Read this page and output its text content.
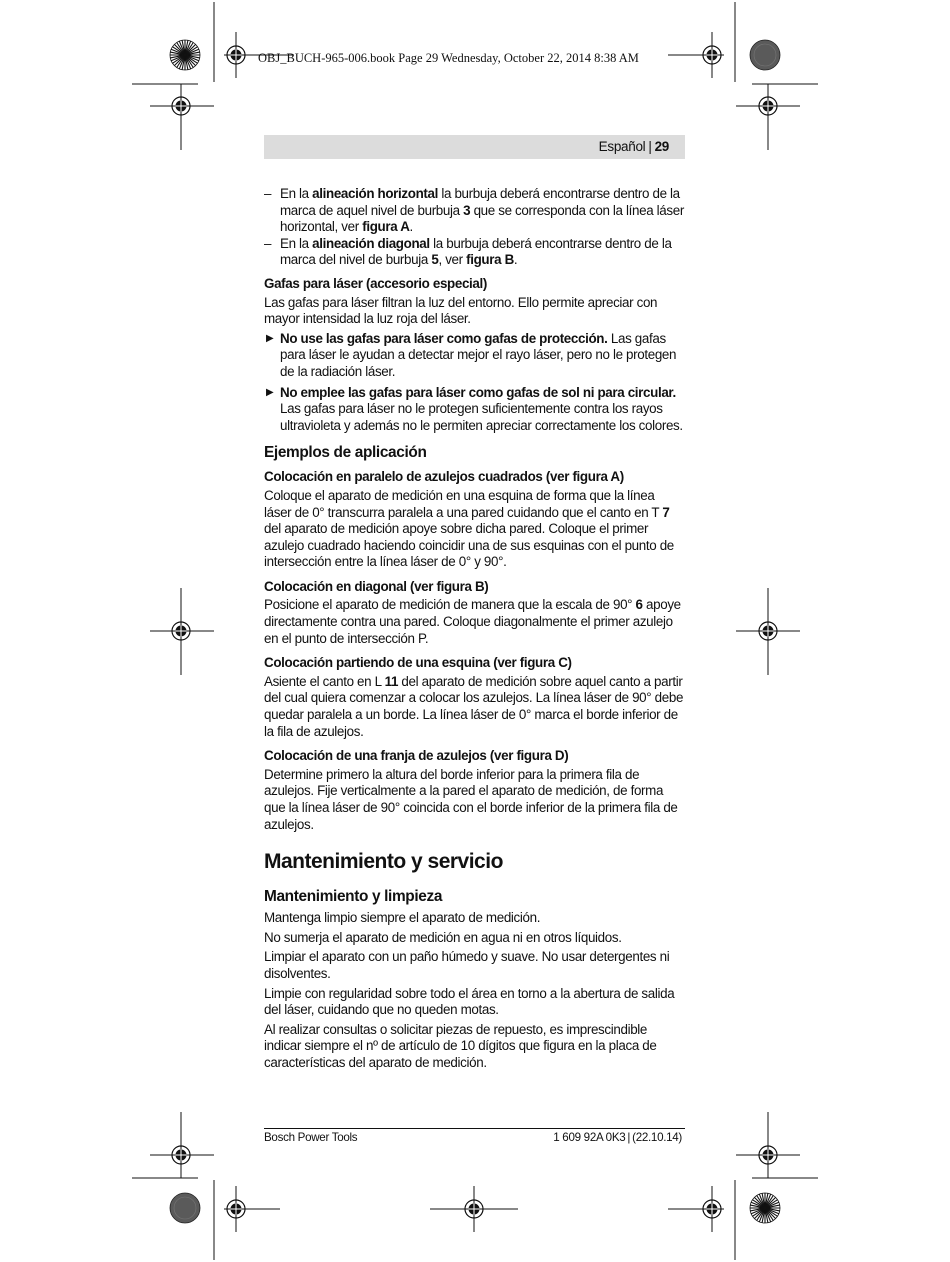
OBJ_BUCH-965-006.book Page 29 Wednesday, October 22, 2014 8:38 AM
Español | 29

– En la alineación horizontal la burbuja deberá encontrarse dentro de la marca de aquel nivel de burbuja 3 que se corresponda con la línea láser horizontal, ver figura A.

– En la alineación diagonal la burbuja deberá encontrarse dentro de la marca del nivel de burbuja 5, ver figura B.

Gafas para láser (accesorio especial)

Las gafas para láser filtran la luz del entorno. Ello permite apreciar con mayor intensidad la luz roja del láser.

▶ No use las gafas para láser como gafas de protección. Las gafas para láser le ayudan a detectar mejor el rayo láser, pero no le protegen de la radiación láser.

▶ No emplee las gafas para láser como gafas de sol ni para circular. Las gafas para láser no le protegen suficientemente contra los rayos ultravioleta y además no le permiten apreciar correctamente los colores.

Ejemplos de aplicación

Colocación en paralelo de azulejos cuadrados (ver figura A)

Coloque el aparato de medición en una esquina de forma que la línea láser de 0° transcurra paralela a una pared cuidando que el canto en T 7 del aparato de medición apoye sobre dicha pared. Coloque el primer azulejo cuadrado haciendo coincidir una de sus esquinas con el punto de intersección entre la línea láser de 0° y 90°.

Colocación en diagonal (ver figura B)

Posicione el aparato de medición de manera que la escala de 90° 6 apoye directamente contra una pared. Coloque diagonalmente el primer azulejo en el punto de intersección P.

Colocación partiendo de una esquina (ver figura C)

Asiente el canto en L 11 del aparato de medición sobre aquel canto a partir del cual quiera comenzar a colocar los azulejos. La línea láser de 90° debe quedar paralela a un borde. La línea láser de 0° marca el borde inferior de la fila de azulejos.

Colocación de una franja de azulejos (ver figura D)

Determine primero la altura del borde inferior para la primera fila de azulejos. Fije verticalmente a la pared el aparato de medición, de forma que la línea láser de 90° coincida con el borde inferior de la primera fila de azulejos.

Mantenimiento y servicio

Mantenimiento y limpieza

Mantenga limpio siempre el aparato de medición.

No sumerja el aparato de medición en agua ni en otros líquidos.

Limpiar el aparato con un paño húmedo y suave. No usar detergentes ni disolventes.

Limpie con regularidad sobre todo el área en torno a la abertura de salida del láser, cuidando que no queden motas.

Al realizar consultas o solicitar piezas de repuesto, es imprescindible indicar siempre el nº de artículo de 10 dígitos que figura en la placa de características del aparato de medición.

Bosch Power Tools	1 609 92A 0K3 | (22.10.14)
